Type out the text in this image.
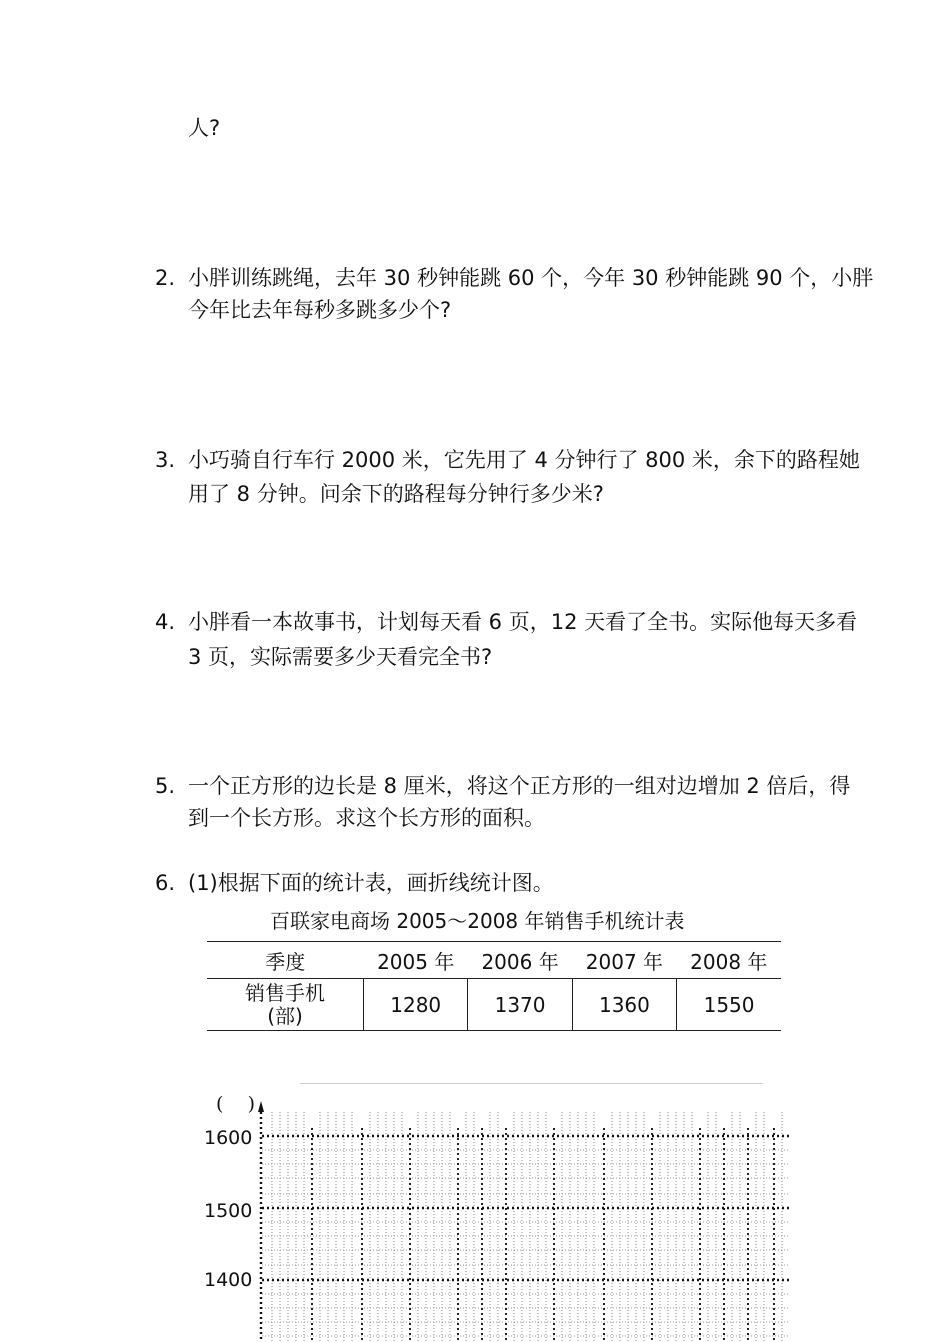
人?
2. 小胖训练跳绳，去年 30 秒钟能跳 60 个，今年 30 秒钟能跳 90 个，小胖
今年比去年每秒多跳多少个?
3. 小巧骑自行车行 2000 米，它先用了 4 分钟行了 800 米，余下的路程她
用了 8 分钟。问余下的路程每分钟行多少米?
4. 小胖看一本故事书，计划每天看 6 页，12 天看了全书。实际他每天多看
3 页，实际需要多少天看完全书?
5. 一个正方形的边长是 8 厘米，将这个正方形的一组对边增加 2 倍后，得
到一个长方形。求这个长方形的面积。
6. (1)根据下面的统计表，画折线统计图。
百联家电商场 2005～2008 年销售手机统计表
季度	2005 年	2006 年	2007 年	2008 年

销售手机
(部)	1280	1370	1360	1550
(    )
1600
1500
1400
